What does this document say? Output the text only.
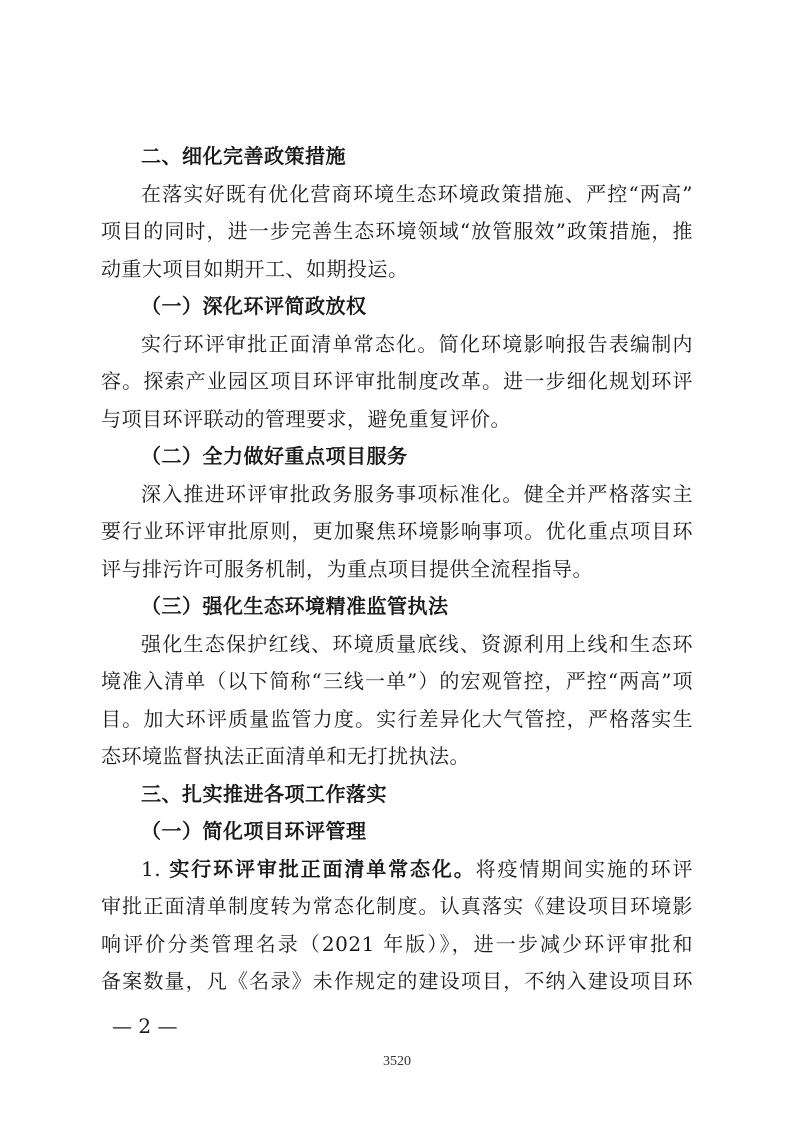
二、细化完善政策措施
在落实好既有优化营商环境生态环境政策措施、严控“两高”
项目的同时，进一步完善生态环境领域“放管服效”政策措施，推
动重大项目如期开工、如期投运。
（一）深化环评简政放权
实行环评审批正面清单常态化。简化环境影响报告表编制内
容。探索产业园区项目环评审批制度改革。进一步细化规划环评
与项目环评联动的管理要求，避免重复评价。
（二）全力做好重点项目服务
深入推进环评审批政务服务事项标准化。健全并严格落实主
要行业环评审批原则，更加聚焦环境影响事项。优化重点项目环
评与排污许可服务机制，为重点项目提供全流程指导。
（三）强化生态环境精准监管执法
强化生态保护红线、环境质量底线、资源利用上线和生态环
境准入清单（以下简称“三线一单”）的宏观管控，严控“两高”项
目。加大环评质量监管力度。实行差异化大气管控，严格落实生
态环境监督执法正面清单和无打扰执法。
三、扎实推进各项工作落实
（一）简化项目环评管理
1. 实行环评审批正面清单常态化。将疫情期间实施的环评
审批正面清单制度转为常态化制度。认真落实《建设项目环境影
响评价分类管理名录（2021 年版）》，进一步减少环评审批和
备案数量，凡《名录》未作规定的建设项目，不纳入建设项目环
— 2 —
3520
